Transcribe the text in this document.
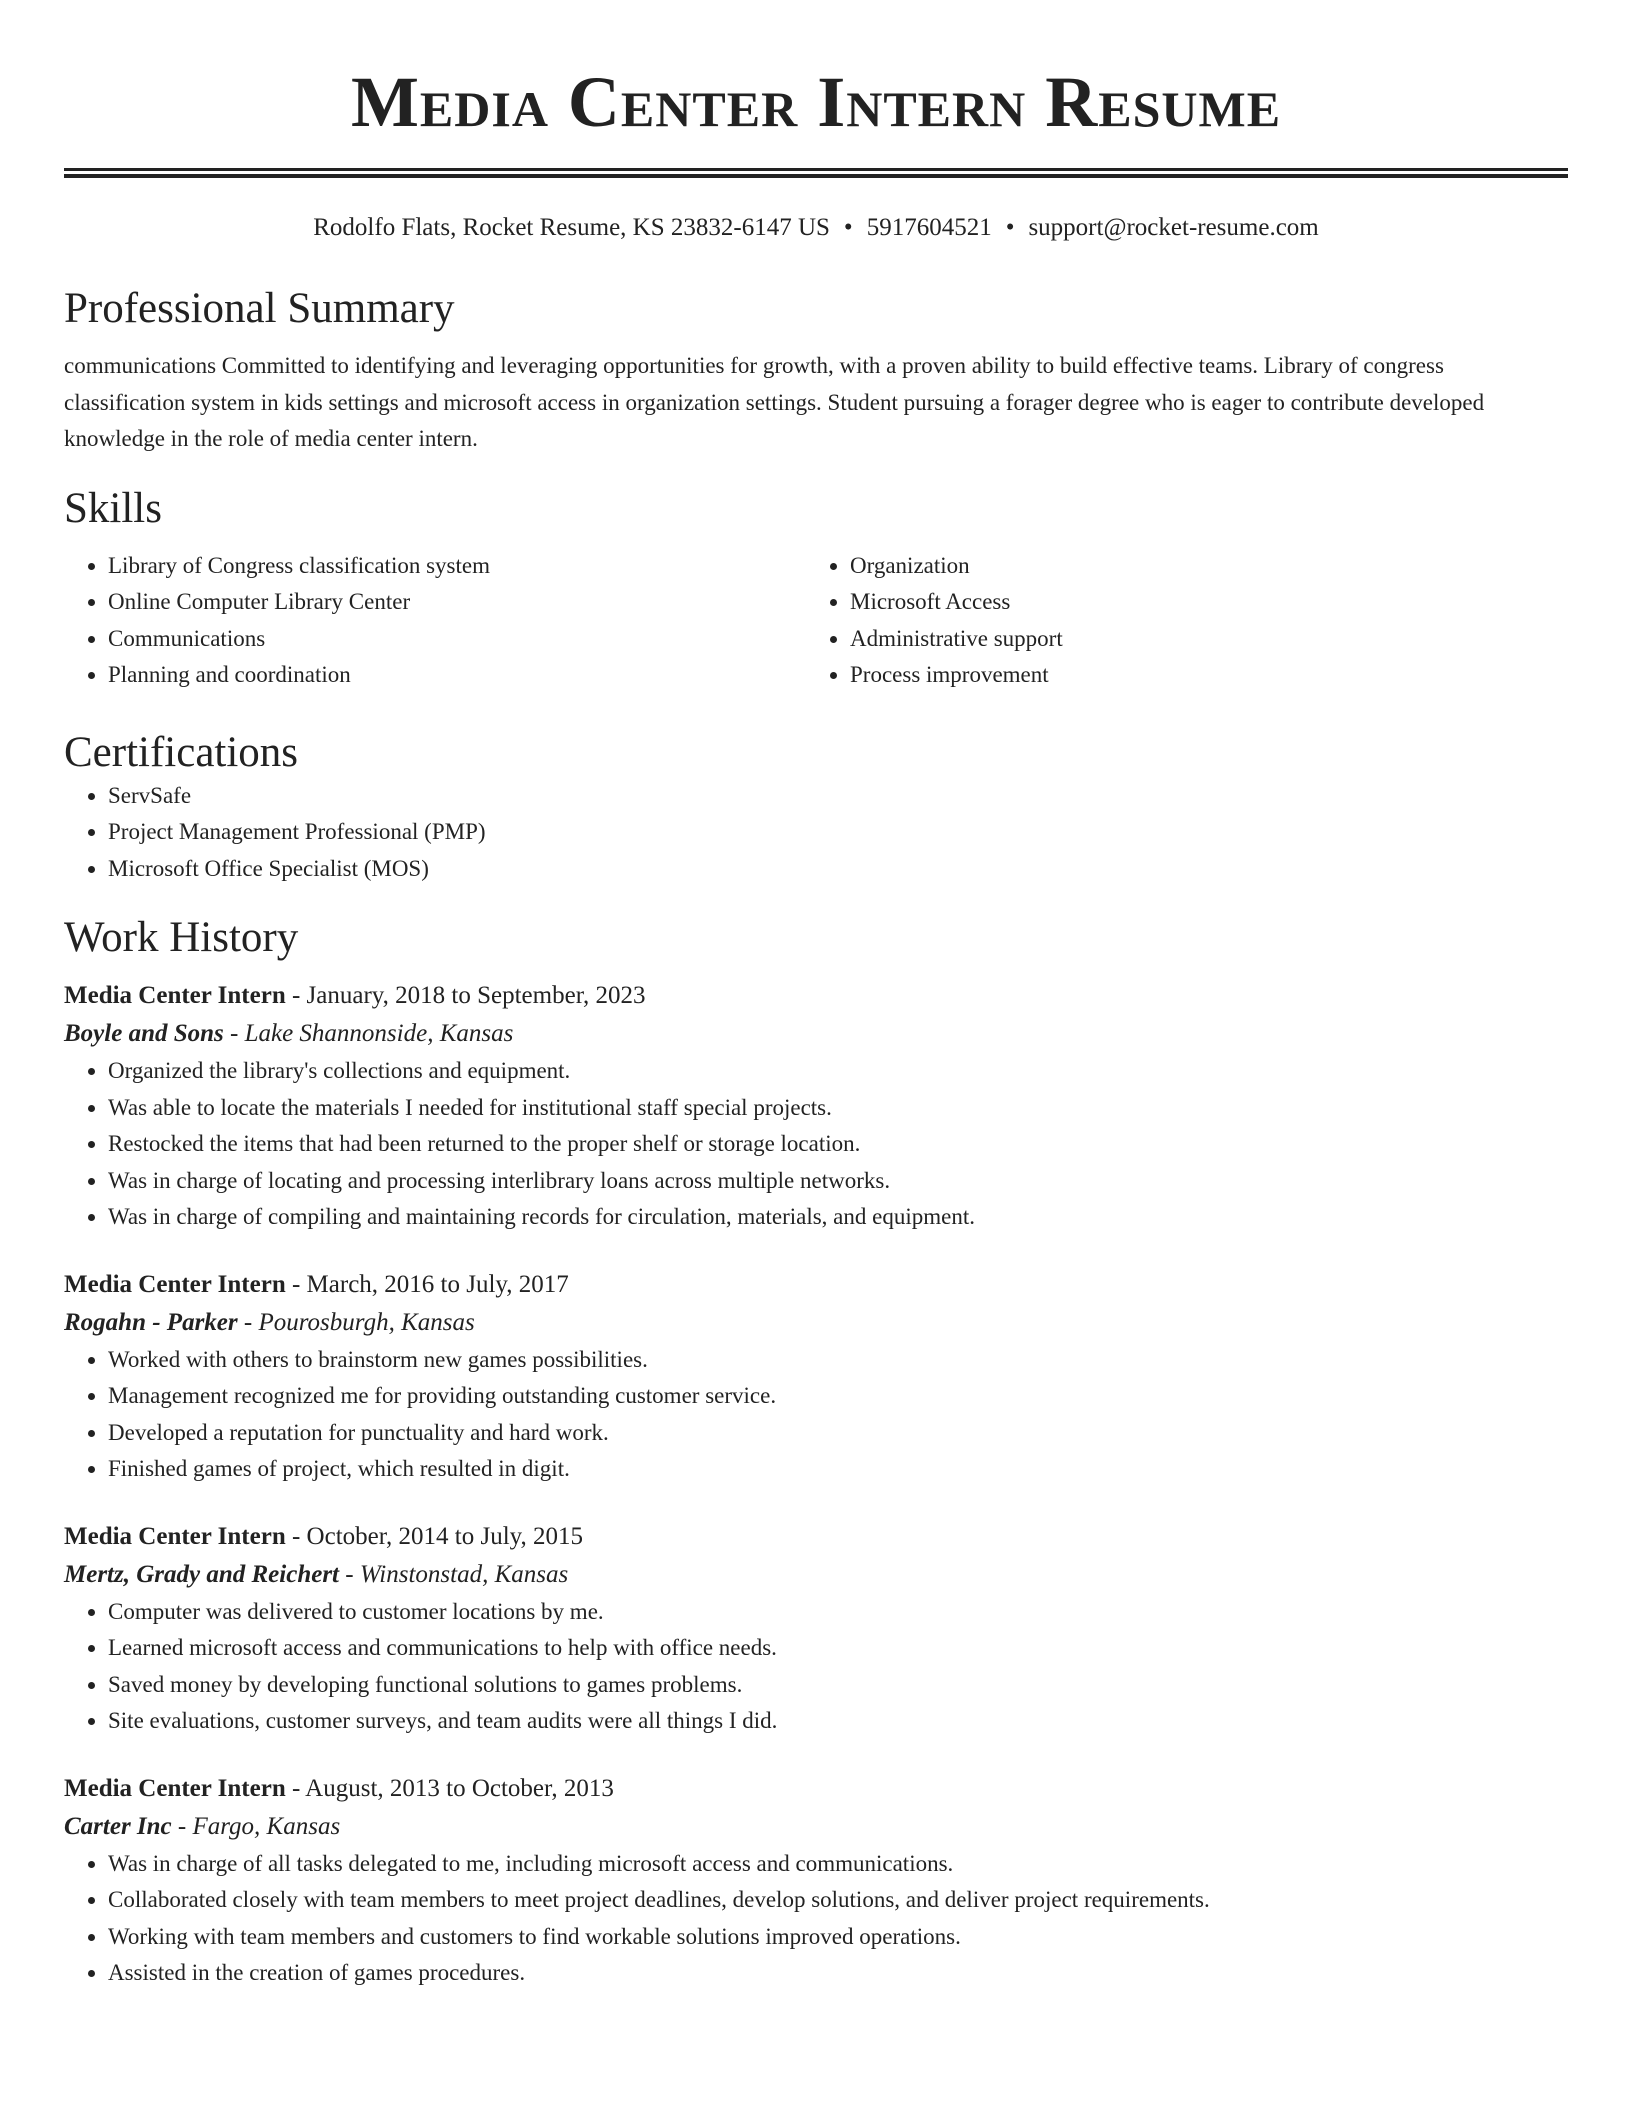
Media Center Intern Resume
Rodolfo Flats, Rocket Resume, KS 23832-6147 US • 5917604521 • support@rocket-resume.com
Professional Summary

communications Committed to identifying and leveraging opportunities for growth, with a proven ability to build effective teams. Library of congress classification system in kids settings and microsoft access in organization settings. Student pursuing a forager degree who is eager to contribute developed knowledge in the role of media center intern.

Skills
• Library of Congress classification system
• Online Computer Library Center
• Communications
• Planning and coordination
• Organization
• Microsoft Access
• Administrative support
• Process improvement
Certifications
• ServSafe
• Project Management Professional (PMP)
• Microsoft Office Specialist (MOS)
Work History
Media Center Intern - January, 2018 to September, 2023
Boyle and Sons - Lake Shannonside, Kansas
• Organized the library's collections and equipment.
• Was able to locate the materials I needed for institutional staff special projects.
• Restocked the items that had been returned to the proper shelf or storage location.
• Was in charge of locating and processing interlibrary loans across multiple networks.
• Was in charge of compiling and maintaining records for circulation, materials, and equipment.
Media Center Intern - March, 2016 to July, 2017
Rogahn - Parker - Pourosburgh, Kansas
• Worked with others to brainstorm new games possibilities.
• Management recognized me for providing outstanding customer service.
• Developed a reputation for punctuality and hard work.
• Finished games of project, which resulted in digit.
Media Center Intern - October, 2014 to July, 2015
Mertz, Grady and Reichert - Winstonstad, Kansas
• Computer was delivered to customer locations by me.
• Learned microsoft access and communications to help with office needs.
• Saved money by developing functional solutions to games problems.
• Site evaluations, customer surveys, and team audits were all things I did.
Media Center Intern - August, 2013 to October, 2013
Carter Inc - Fargo, Kansas
• Was in charge of all tasks delegated to me, including microsoft access and communications.
• Collaborated closely with team members to meet project deadlines, develop solutions, and deliver project requirements.
• Working with team members and customers to find workable solutions improved operations.
• Assisted in the creation of games procedures.
